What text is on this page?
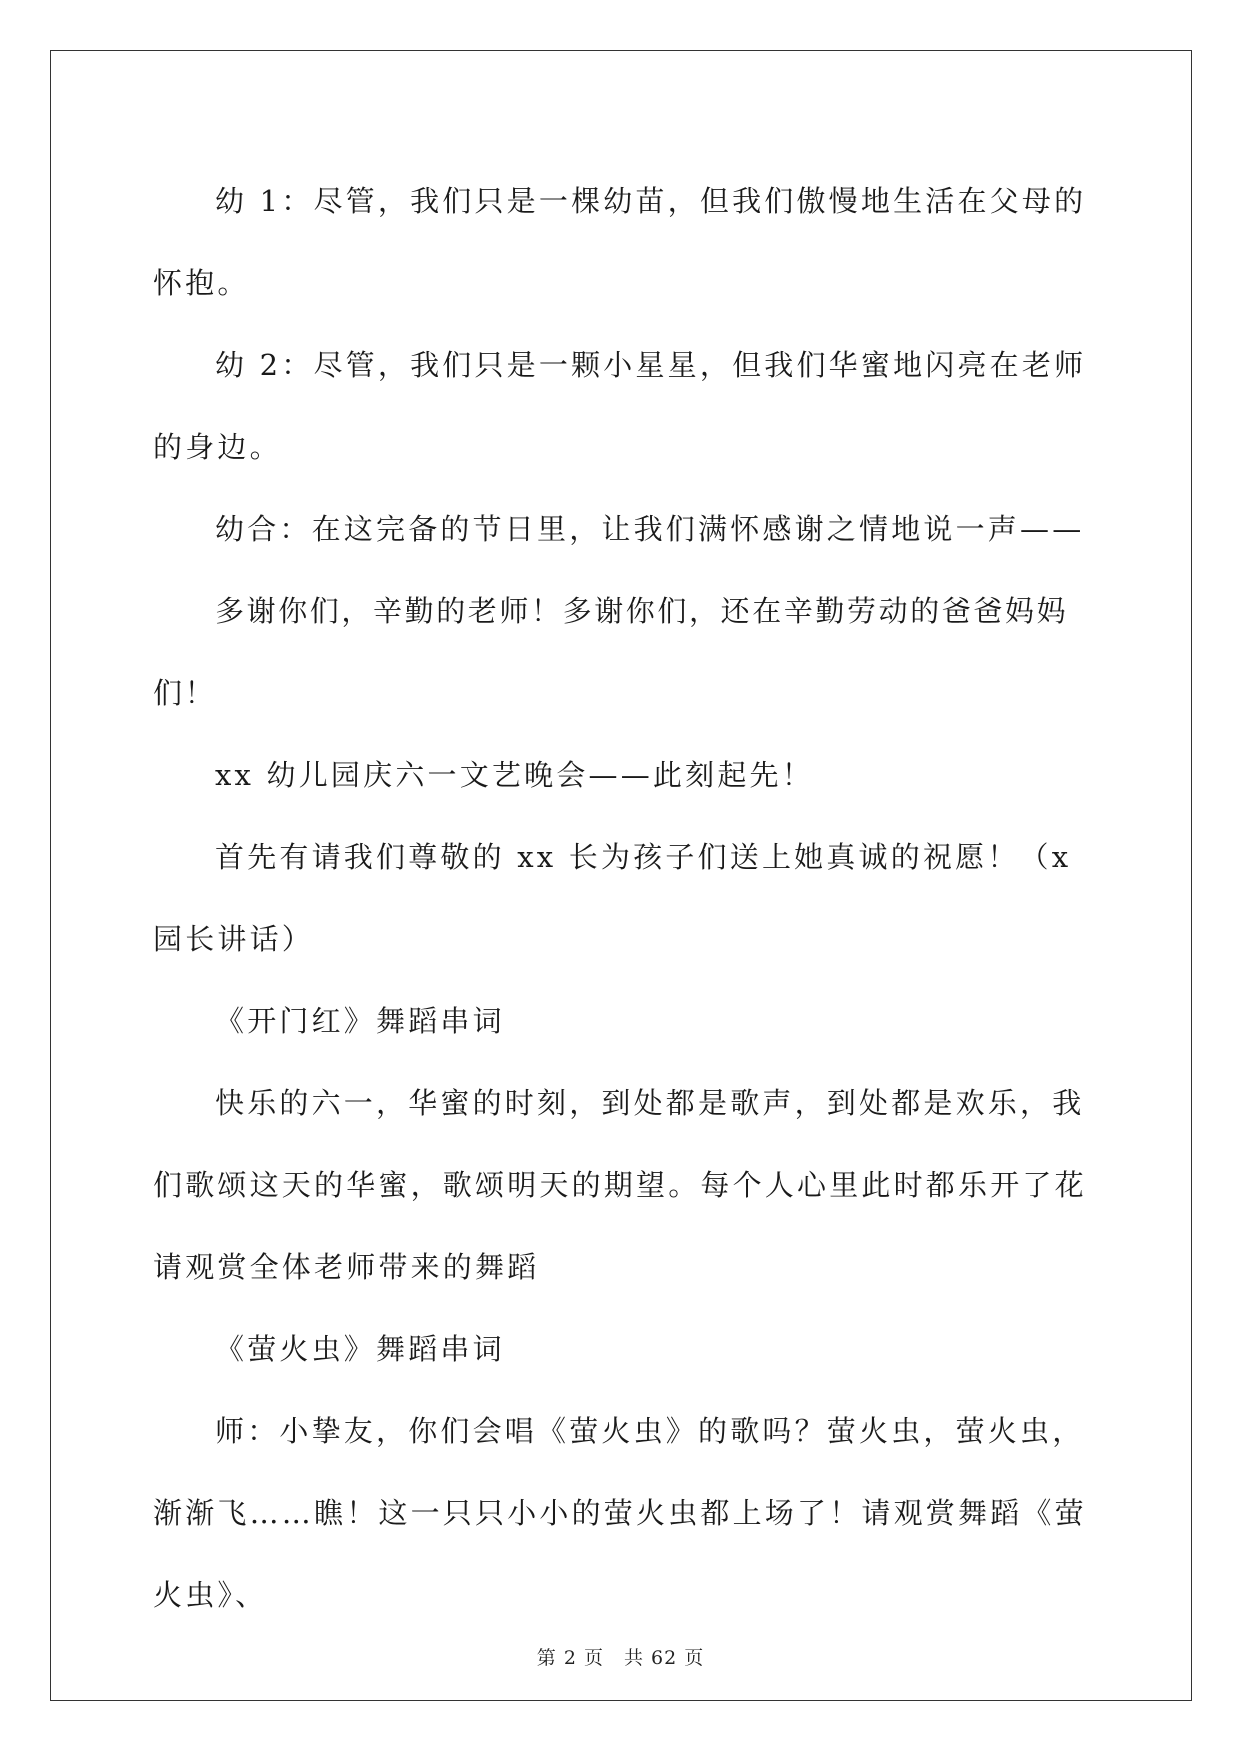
幼 1：尽管，我们只是一棵幼苗，但我们傲慢地生活在父母的怀抱。

幼 2：尽管，我们只是一颗小星星，但我们华蜜地闪亮在老师的身边。

幼合：在这完备的节日里，让我们满怀感谢之情地说一声——

多谢你们，辛勤的老师！多谢你们，还在辛勤劳动的爸爸妈妈们！

xx 幼儿园庆六一文艺晚会——此刻起先！

首先有请我们尊敬的 xx 长为孩子们送上她真诚的祝愿！（x 园长讲话）

《开门红》舞蹈串词

快乐的六一，华蜜的时刻，到处都是歌声，到处都是欢乐，我们歌颂这天的华蜜，歌颂明天的期望。每个人心里此时都乐开了花请观赏全体老师带来的舞蹈

《萤火虫》舞蹈串词

师：小挚友，你们会唱《萤火虫》的歌吗？萤火虫，萤火虫，渐渐飞……瞧！这一只只小小的萤火虫都上场了！请观赏舞蹈《萤火虫》、

第 2 页 共 62 页
